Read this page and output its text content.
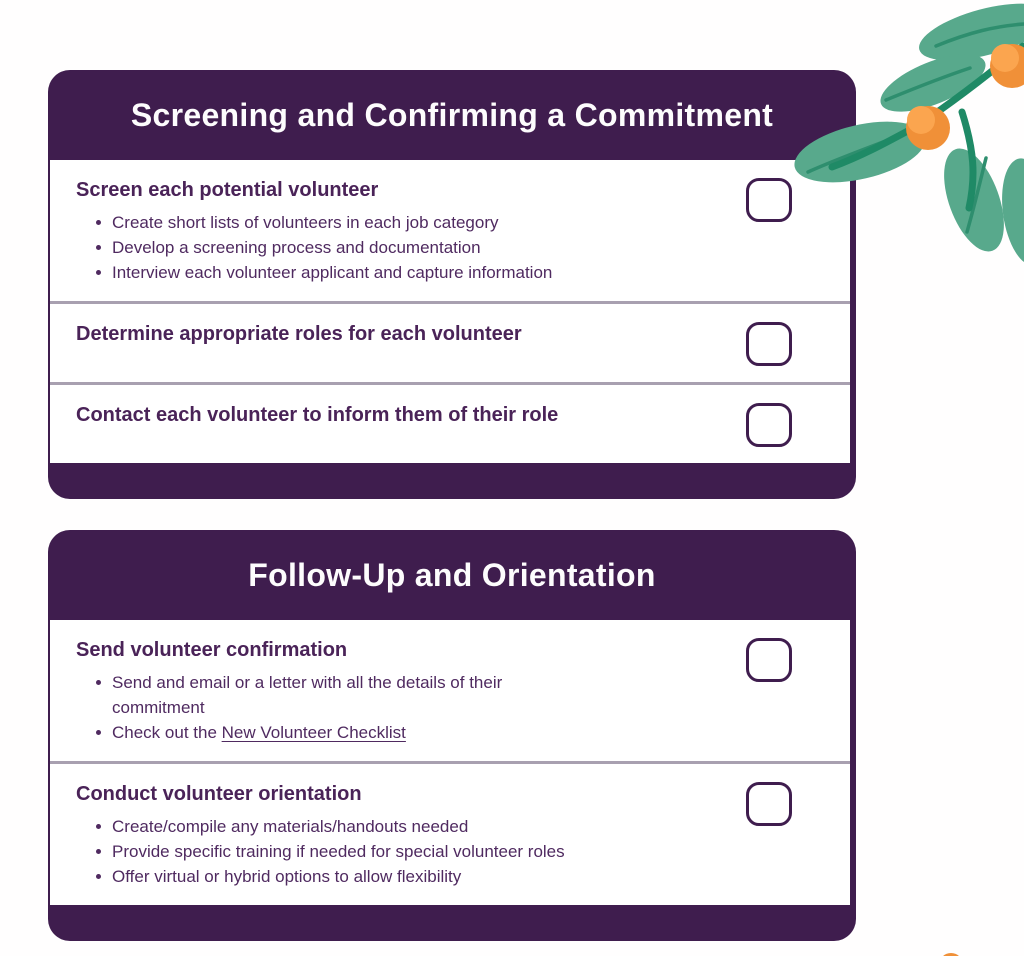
Screening and Confirming a Commitment
Screen each potential volunteer
Create short lists of volunteers in each job category
Develop a screening process and documentation
Interview each volunteer applicant and capture information
Determine appropriate roles for each volunteer
Contact each volunteer to inform them of their role
Follow-Up and Orientation
Send volunteer confirmation
Send and email or a letter with all the details of their commitment
Check out the New Volunteer Checklist
Conduct volunteer orientation
Create/compile any materials/handouts needed
Provide specific training if needed for special volunteer roles
Offer virtual or hybrid options to allow flexibility
